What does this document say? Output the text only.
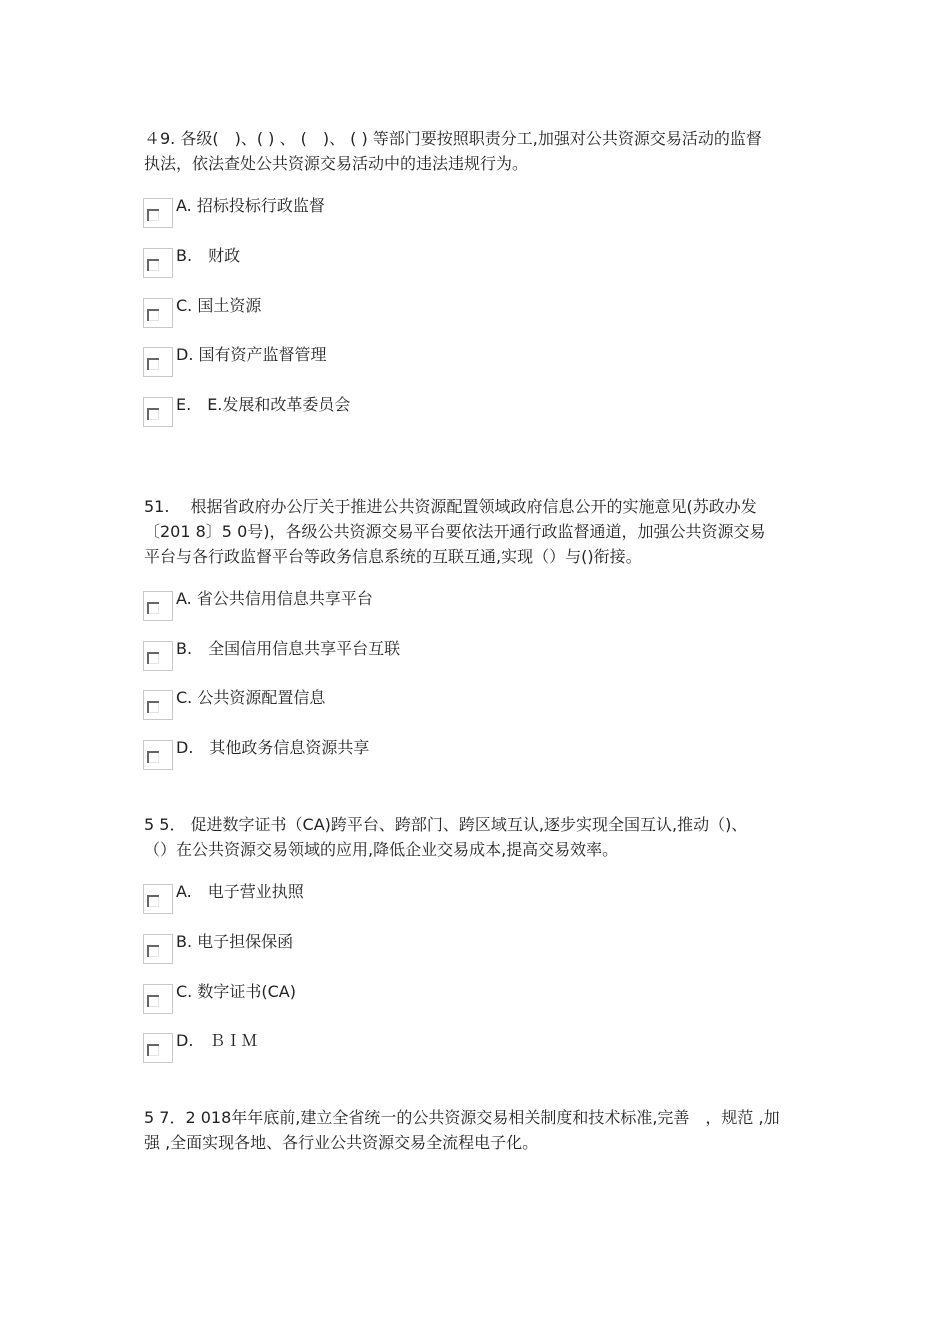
４9. 各级(　)、( ) 、 (　)、 ( ) 等部门要按照职责分工,加强对公共资源交易活动的监督

执法，依法查处公共资源交易活动中的违法违规行为。

A. 招标投标行政监督
B.　财政
C. 国土资源
D. 国有资产监督管理
E.　E.发展和改革委员会

51.　 根据省政府办公厅关于推进公共资源配置领域政府信息公开的实施意见(苏政办发

〔201 8〕5 0号)，各级公共资源交易平台要依法开通行政监督通道，加强公共资源交易

平台与各行政监督平台等政务信息系统的互联互通,实现（）与()衔接。

A. 省公共信用信息共享平台
B.　全国信用信息共享平台互联
C. 公共资源配置信息
D.　其他政务信息资源共享

5 5． 促进数字证书（CA)跨平台、跨部门、跨区域互认,逐步实现全国互认,推动（)、

（）在公共资源交易领域的应用,降低企业交易成本,提高交易效率。

A.　电子营业执照
B. 电子担保保函
C. 数字证书(CA)
D.　ＢＩＭ

5 7．2 018年年底前,建立全省统一的公共资源交易相关制度和技术标准,完善　，规范 ,加

强 ,全面实现各地、各行业公共资源交易全流程电子化。
